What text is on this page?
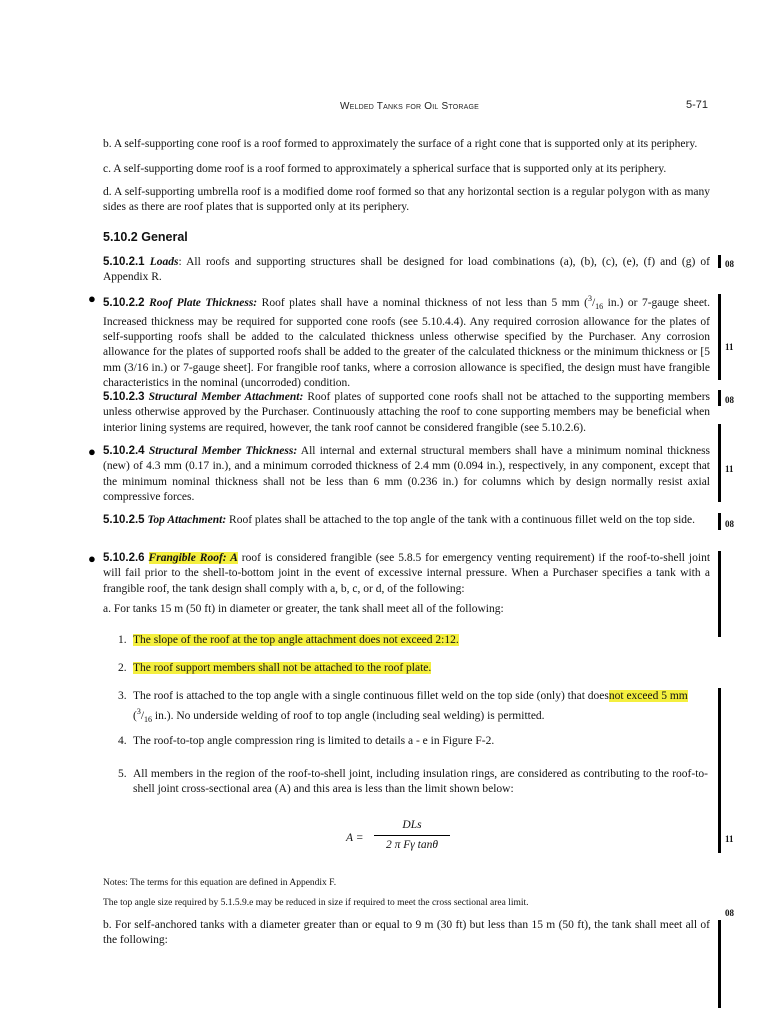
Welded Tanks for Oil Storage	5-71

b. A self-supporting cone roof is a roof formed to approximately the surface of a right cone that is supported only at its periphery.

c. A self-supporting dome roof is a roof formed to approximately a spherical surface that is supported only at its periphery.

d. A self-supporting umbrella roof is a modified dome roof formed so that any horizontal section is a regular polygon with as many sides as there are roof plates that is supported only at its periphery.

5.10.2 General

5.10.2.1 Loads: All roofs and supporting structures shall be designed for load combinations (a), (b), (c), (e), (f) and (g) of Appendix R.

● 5.10.2.2 Roof Plate Thickness: Roof plates shall have a nominal thickness of not less than 5 mm ($^3/_{16}$ in.) or 7-gauge sheet. Increased thickness may be required for supported cone roofs (see 5.10.4.4). Any required corrosion allowance for the plates of self-supporting roofs shall be added to the calculated thickness unless otherwise specified by the Purchaser. Any corrosion allowance for the plates of supported roofs shall be added to the greater of the calculated thickness or the minimum thickness or [5 mm (3/16 in.) or 7-gauge sheet]. For frangible roof tanks, where a corrosion allowance is specified, the design must have frangible characteristics in the nominal (uncorroded) condition.

5.10.2.3 Structural Member Attachment: Roof plates of supported cone roofs shall not be attached to the supporting members unless otherwise approved by the Purchaser. Continuously attaching the roof to cone supporting members may be beneficial when interior lining systems are required, however, the tank roof cannot be considered frangible (see 5.10.2.6).

● 5.10.2.4 Structural Member Thickness: All internal and external structural members shall have a minimum nominal thickness (new) of 4.3 mm (0.17 in.), and a minimum corroded thickness of 2.4 mm (0.094 in.), respectively, in any component, except that the minimum nominal thickness shall not be less than 6 mm (0.236 in.) for columns which by design normally resist axial compressive forces.

5.10.2.5 Top Attachment: Roof plates shall be attached to the top angle of the tank with a continuous fillet weld on the top side.

● 5.10.2.6 Frangible Roof: A roof is considered frangible (see 5.8.5 for emergency venting requirement) if the roof-to-shell joint will fail prior to the shell-to-bottom joint in the event of excessive internal pressure. When a Purchaser specifies a tank with a frangible roof, the tank design shall comply with a, b, c, or d, of the following:

a. For tanks 15 m (50 ft) in diameter or greater, the tank shall meet all of the following:

1. The slope of the roof at the top angle attachment does not exceed 2:12.

2. The roof support members shall not be attached to the roof plate.

3. The roof is attached to the top angle with a single continuous fillet weld on the top side (only) that doesnot exceed 5 mm
($^3/_{16}$ in.). No underside welding of roof to top angle (including seal welding) is permitted.

4. The roof-to-top angle compression ring is limited to details a - e in Figure F-2.

5. All members in the region of the roof-to-shell joint, including insulation rings, are considered as contributing to the roof-to-shell joint cross-sectional area (A) and this area is less than the limit shown below:

A =
DLs
2 π Fγ tanθ

Notes: The terms for this equation are defined in Appendix F.

The top angle size required by 5.1.5.9.e may be reduced in size if required to meet the cross sectional area limit.

b. For self-anchored tanks with a diameter greater than or equal to 9 m (30 ft) but less than 15 m (50 ft), the tank shall meet all of the following:

08
11
08
11
08
11
08
